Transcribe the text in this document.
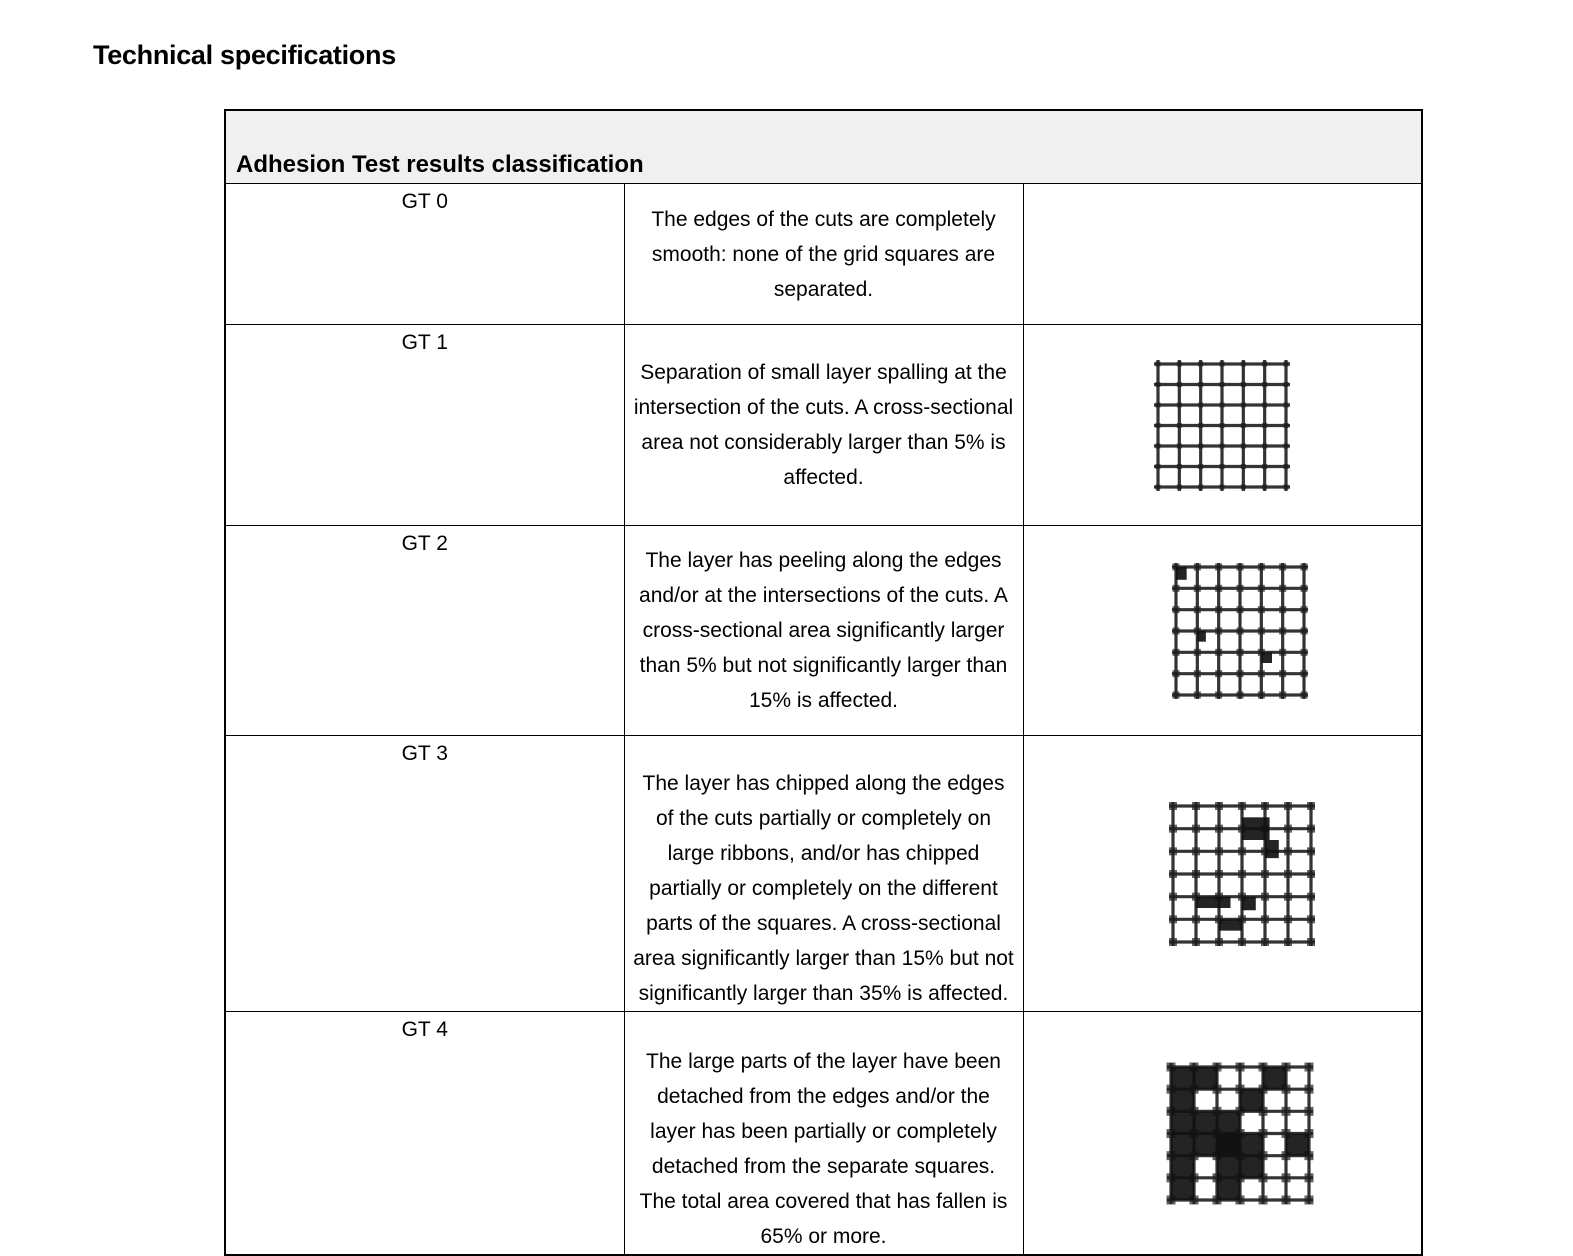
Technical specifications
Adhesion Test results classification		
GT 0	The edges of the cuts are completely smooth: none of the grid squares are separated.	

GT 1	Separation of small layer spalling at the intersection of the cuts. A cross-sectional area not considerably larger than 5% is affected.

GT 2	The layer has peeling along the edges and/or at the intersections of the cuts. A cross-sectional area significantly larger than 5% but not significantly larger than 15% is affected.

GT 3	The layer has chipped along the edges of the cuts partially or completely on large ribbons, and/or has chipped partially or completely on the different parts of the squares. A cross-sectional area significantly larger than 15% but not significantly larger than 35% is affected.

GT 4	The large parts of the layer have been detached from the edges and/or the layer has been partially or completely detached from the separate squares.
The total area covered that has fallen is 65% or more.
